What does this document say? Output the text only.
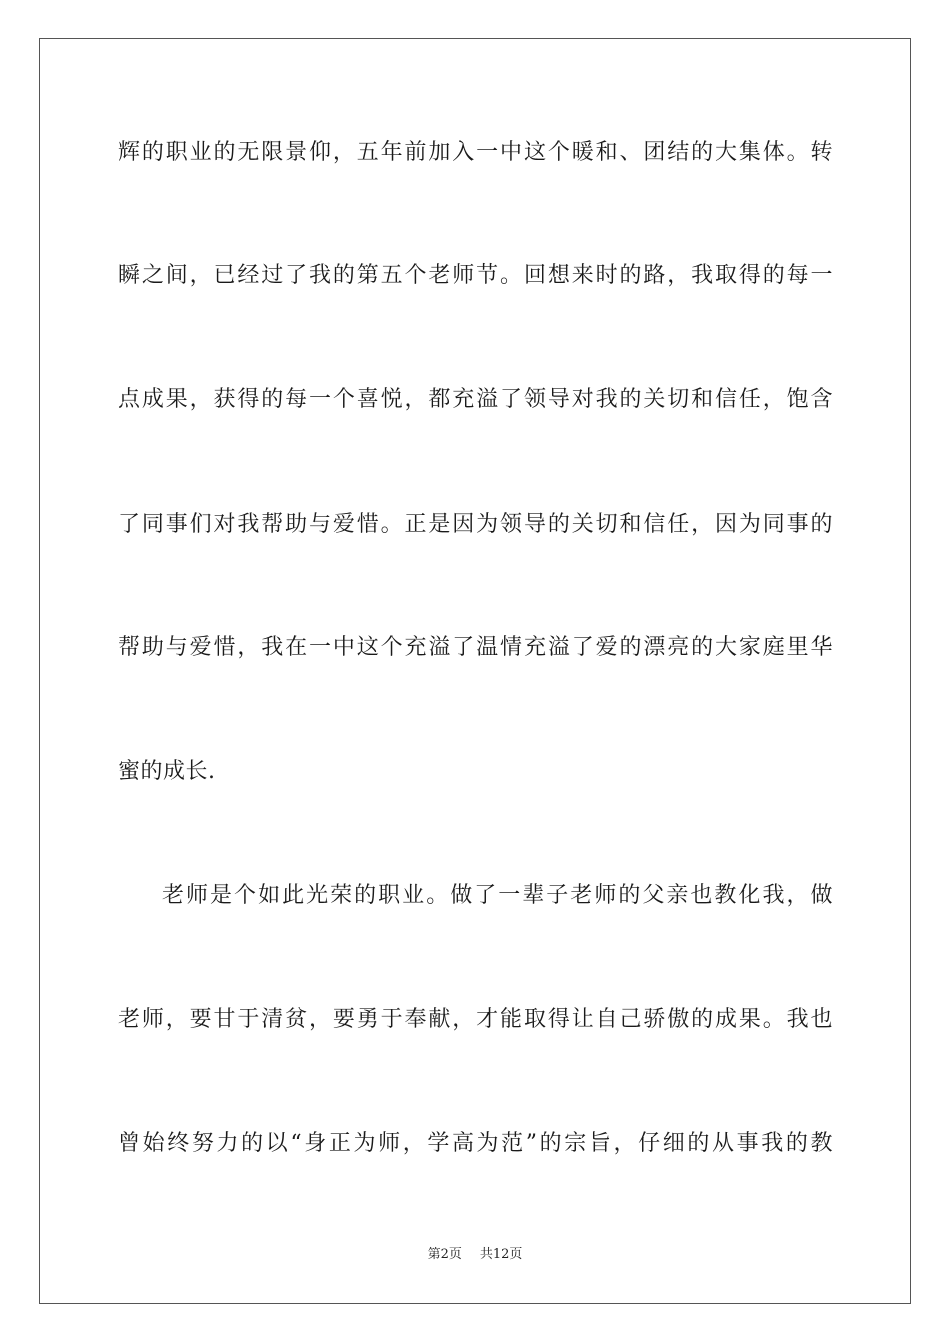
辉的职业的无限景仰，五年前加入一中这个暖和、团结的大集体。转
瞬之间，已经过了我的第五个老师节。回想来时的路，我取得的每一
点成果，获得的每一个喜悦，都充溢了领导对我的关切和信任，饱含
了同事们对我帮助与爱惜。正是因为领导的关切和信任，因为同事的
帮助与爱惜，我在一中这个充溢了温情充溢了爱的漂亮的大家庭里华
蜜的成长.
老师是个如此光荣的职业。做了一辈子老师的父亲也教化我，做
老师，要甘于清贫，要勇于奉献，才能取得让自己骄傲的成果。我也
曾始终努力的以“身正为师，学高为范”的宗旨，仔细的从事我的教
第2页 共12页
